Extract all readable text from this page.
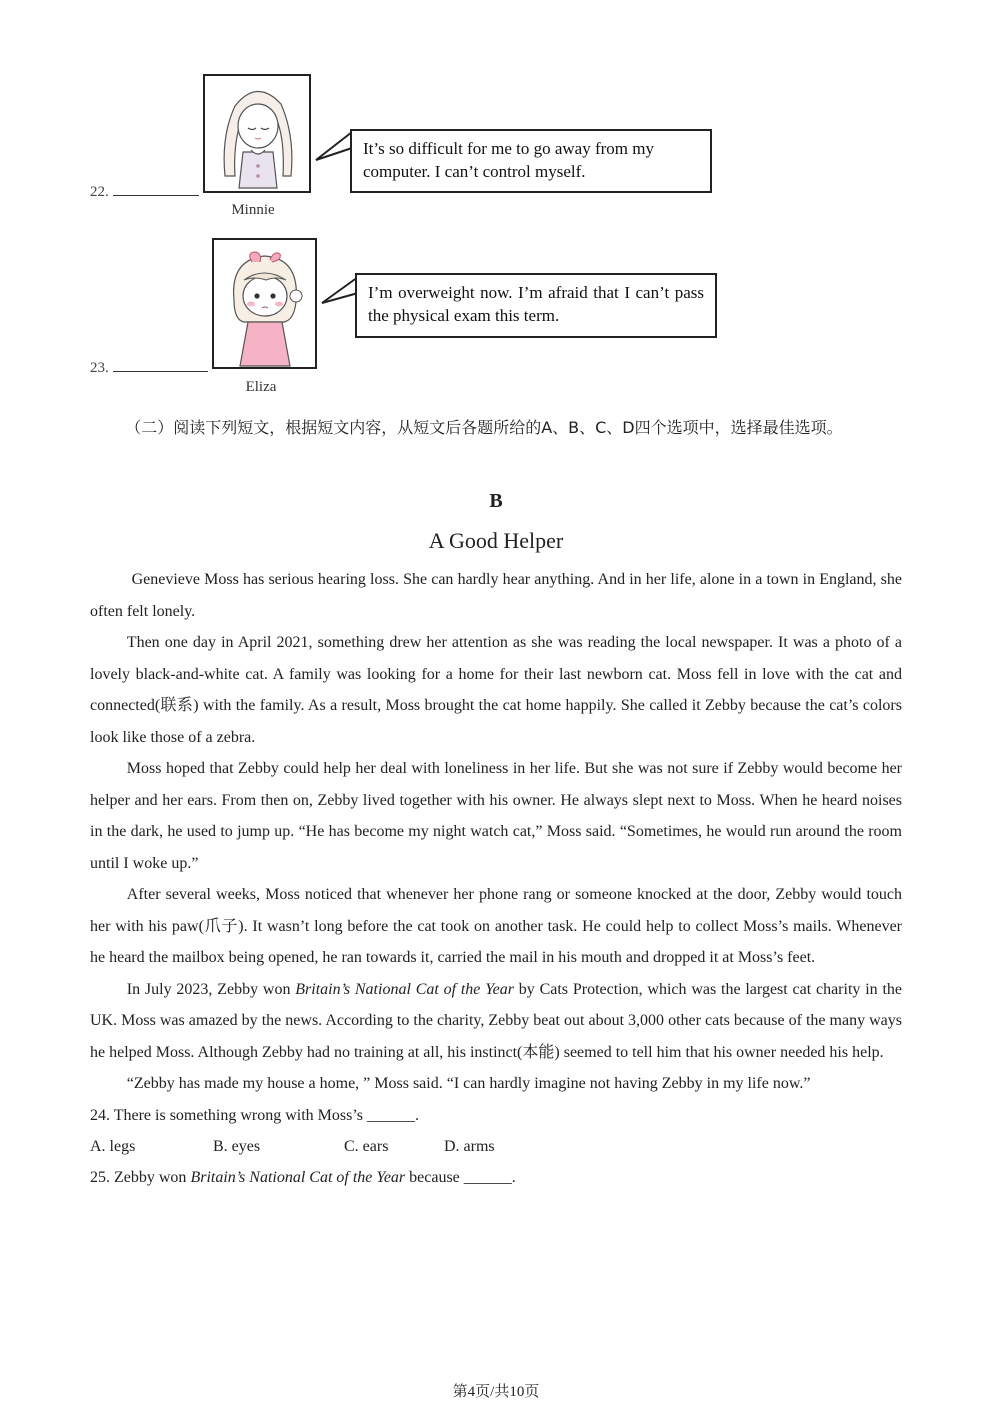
22.
Minnie
It’s so difficult for me to go away from my computer. I can’t control myself.
23.
Eliza
I’m overweight now. I’m afraid that I can’t pass the physical exam this term.
（二）阅读下列短文，根据短文内容，从短文后各题所给的A、B、C、D四个选项中，选择最佳选项。
B
A Good Helper

Genevieve Moss has serious hearing loss. She can hardly hear anything. And in her life, alone in a town in England, she often felt lonely.

Then one day in April 2021, something drew her attention as she was reading the local newspaper. It was a photo of a lovely black-and-white cat. A family was looking for a home for their last newborn cat. Moss fell in love with the cat and connected(联系) with the family. As a result, Moss brought the cat home happily. She called it Zebby because the cat’s colors look like those of a zebra.

Moss hoped that Zebby could help her deal with loneliness in her life. But she was not sure if Zebby would become her helper and her ears. From then on, Zebby lived together with his owner. He always slept next to Moss. When he heard noises in the dark, he used to jump up. “He has become my night watch cat,” Moss said. “Sometimes, he would run around the room until I woke up.”

After several weeks, Moss noticed that whenever her phone rang or someone knocked at the door, Zebby would touch her with his paw(爪子). It wasn’t long before the cat took on another task. He could help to collect Moss’s mails. Whenever he heard the mailbox being opened, he ran towards it, carried the mail in his mouth and dropped it at Moss’s feet.

In July 2023, Zebby won Britain’s National Cat of the Year by Cats Protection, which was the largest cat charity in the UK. Moss was amazed by the news. According to the charity, Zebby beat out about 3,000 other cats because of the many ways he helped Moss. Although Zebby had no training at all, his instinct(本能) seemed to tell him that his owner needed his help.

“Zebby has made my house a home, ” Moss said. “I can hardly imagine not having Zebby in my life now.”

24. There is something wrong with Moss’s ______.
A. legs	B. eyes	C. ears	D. arms
25. Zebby won Britain’s National Cat of the Year because ______.
第4页/共10页
